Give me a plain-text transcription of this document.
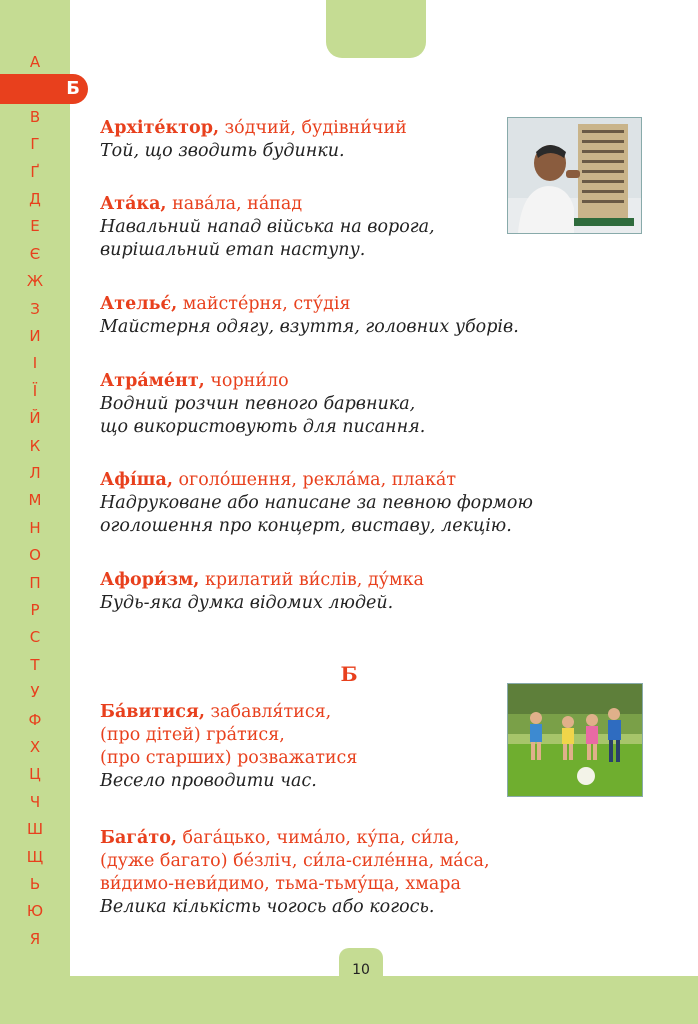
10
А
Б
В
Г
Ґ
Д
Е
Є
Ж
З
И
І
Ї
Й
К
Л
М
Н
О
П
Р
С
Т
У
Ф
Х
Ц
Ч
Ш
Щ
Ь
Ю
Я
Архіте́ктор, зо́дчий, будівни́чий
Той, що зводить будинки.
Ата́ка, нава́ла, на́пад
Навальний напад війська на ворога,
вирішальний етап наступу.
Ательє́, майсте́рня, сту́дія
Майстерня одягу, взуття, головних уборів.
Атра́ме́нт, чорни́ло
Водний розчин певного барвника,
що використовують для писання.
Афі́ша, оголо́шення, рекла́ма, плака́т
Надруковане або написане за певною формою
оголошення про концерт, виставу, лекцію.
Афори́зм, крилатий ви́слів, ду́мка
Будь-яка думка відомих людей.
Б
Ба́витися, забавля́тися,
(про дітей) гра́тися,
(про старших) розважатися
Весело проводити час.
Бага́то, бага́цько, чима́ло, ку́па, си́ла,
(дуже багато) бе́зліч, си́ла-силе́нна, ма́са,
ви́димо-неви́димо, тьма-тьму́ща, хмара
Велика кількість чогось або когось.
